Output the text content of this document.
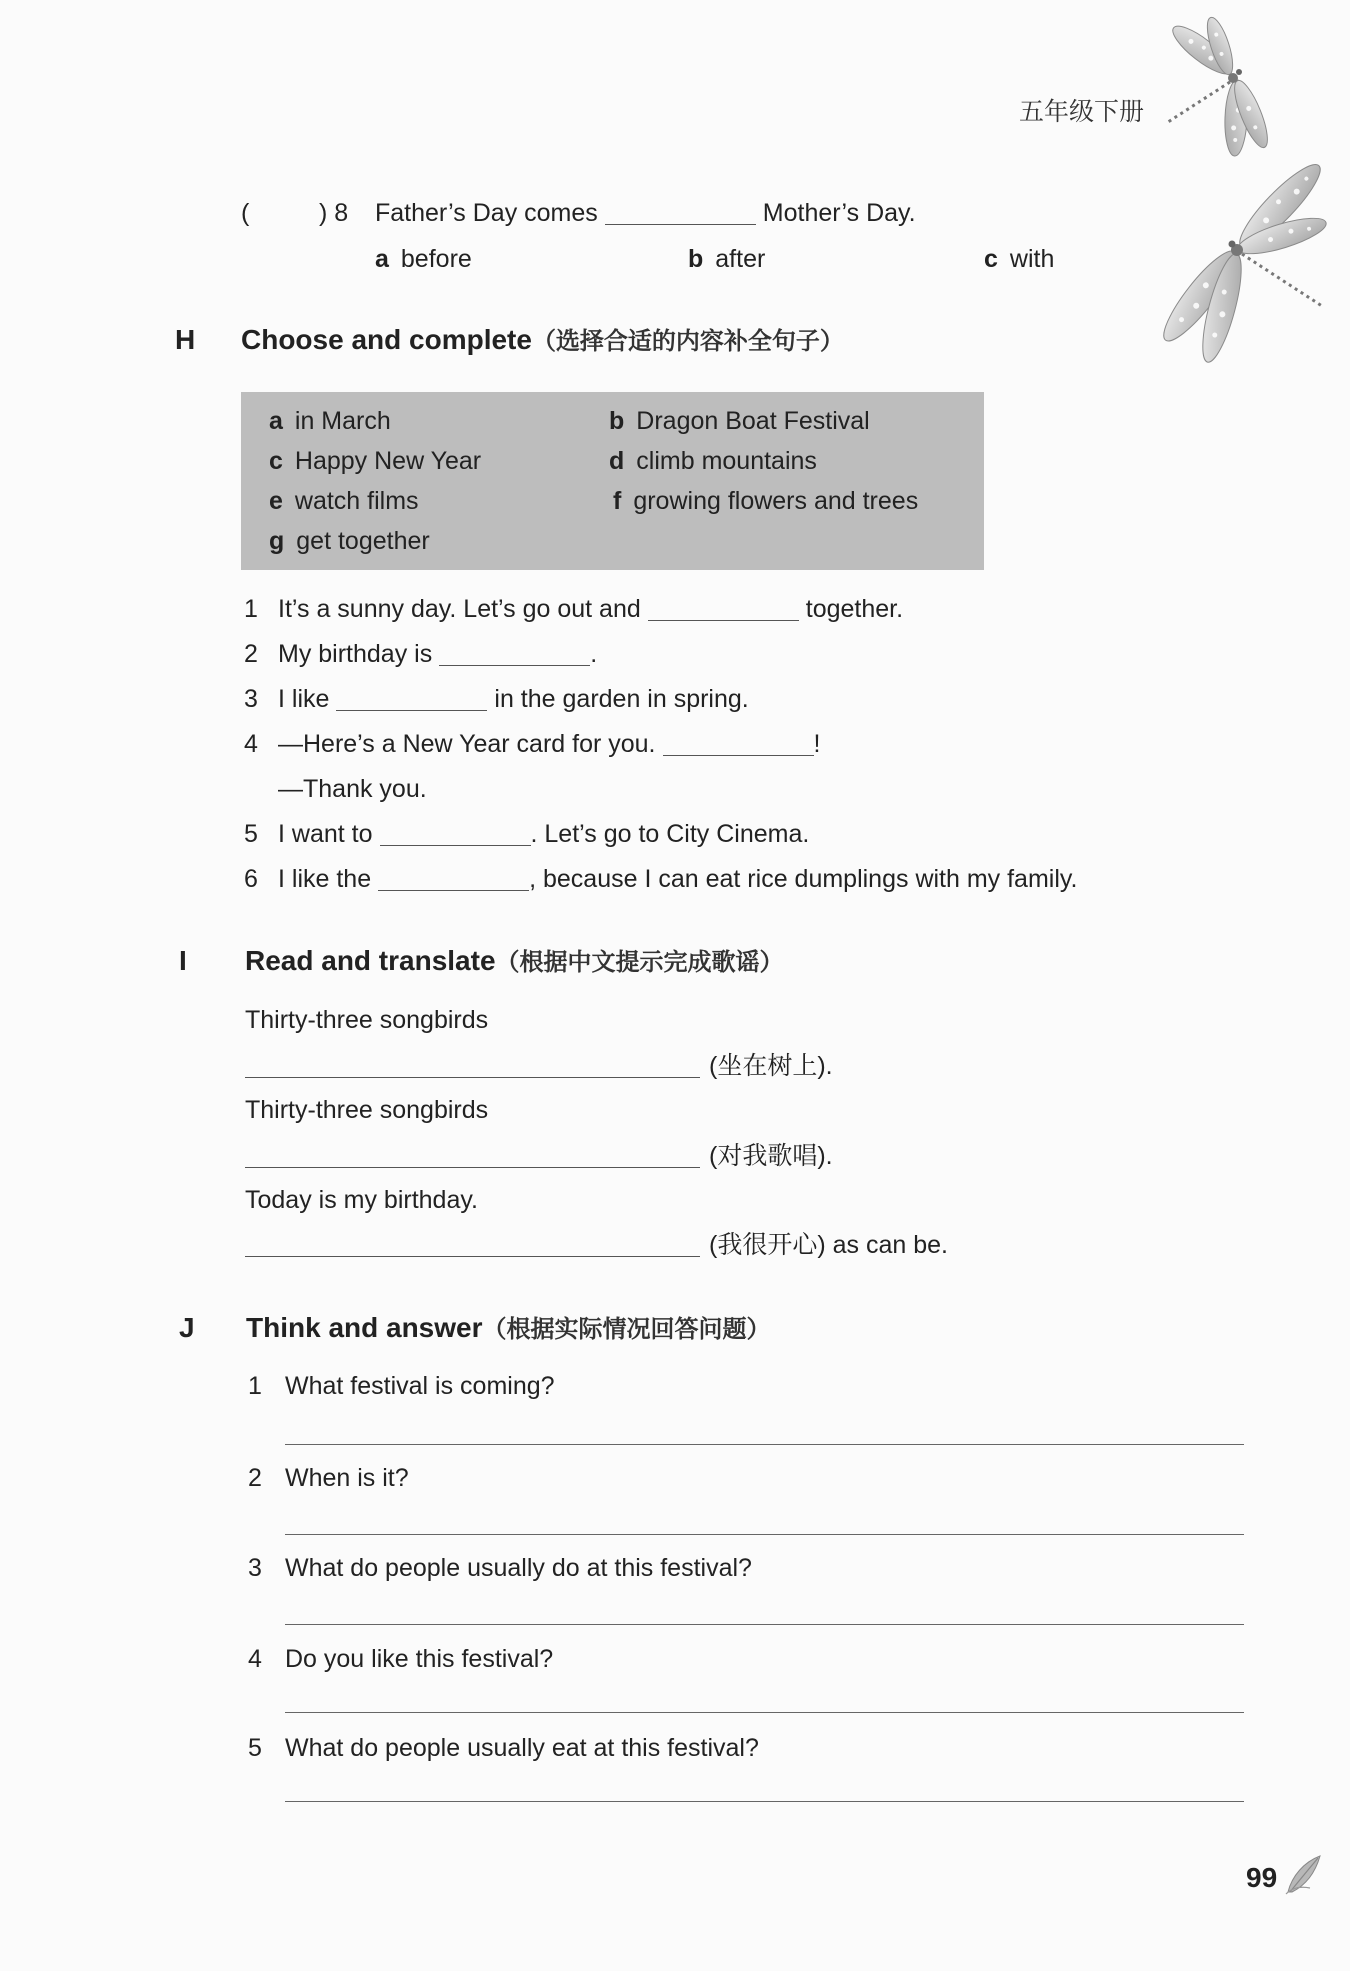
五年级下册
(	) 8 Father’s Day comes	Mother’s Day.
a before	b after	c with
H Choose and complete（选择合适的内容补全句子）
a in March	b Dragon Boat Festival
c Happy New Year	d climb mountains
e watch films	f growing flowers and trees
g get together
1 It’s a sunny day. Let’s go out and	together.
2 My birthday is	.
3 I like	in the garden in spring.
4 —Here’s a New Year card for you.	!
—Thank you.
5 I want to	. Let’s go to City Cinema.
6 I like the	, because I can eat rice dumplings with my family.
I Read and translate（根据中文提示完成歌谣）
Thirty-three songbirds
(坐在树上).
Thirty-three songbirds
(对我歌唱).
Today is my birthday.
(我很开心) as can be.
J Think and answer（根据实际情况回答问题）
1 What festival is coming?
2 When is it?
3 What do people usually do at this festival?
4 Do you like this festival?
5 What do people usually eat at this festival?
99
